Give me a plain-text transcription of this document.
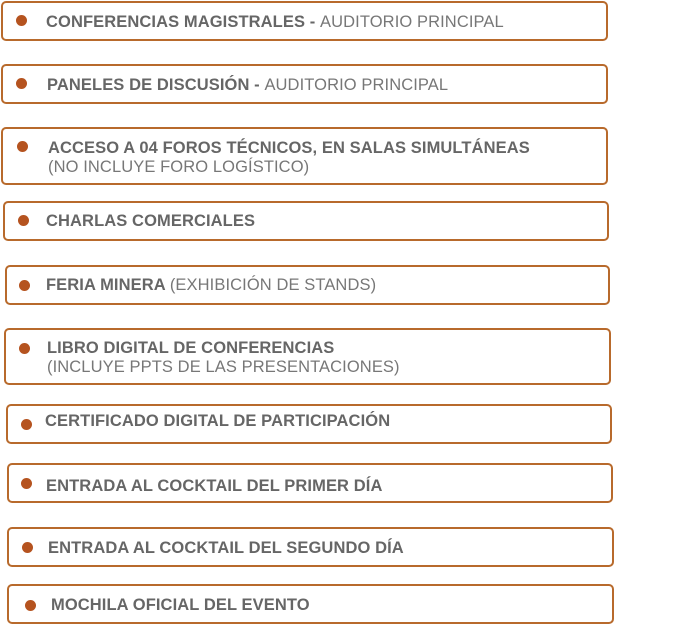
CONFERENCIAS MAGISTRALES - AUDITORIO PRINCIPAL
PANELES DE DISCUSIÓN - AUDITORIO PRINCIPAL
ACCESO A 04 FOROS TÉCNICOS, EN SALAS SIMULTÁNEAS
(NO INCLUYE FORO LOGÍSTICO)
CHARLAS COMERCIALES
FERIA MINERA (EXHIBICIÓN DE STANDS)
LIBRO DIGITAL DE CONFERENCIAS
(INCLUYE PPTS DE LAS PRESENTACIONES)
CERTIFICADO DIGITAL DE PARTICIPACIÓN
ENTRADA AL COCKTAIL DEL PRIMER DÍA
ENTRADA AL COCKTAIL DEL SEGUNDO DÍA
MOCHILA OFICIAL DEL EVENTO
